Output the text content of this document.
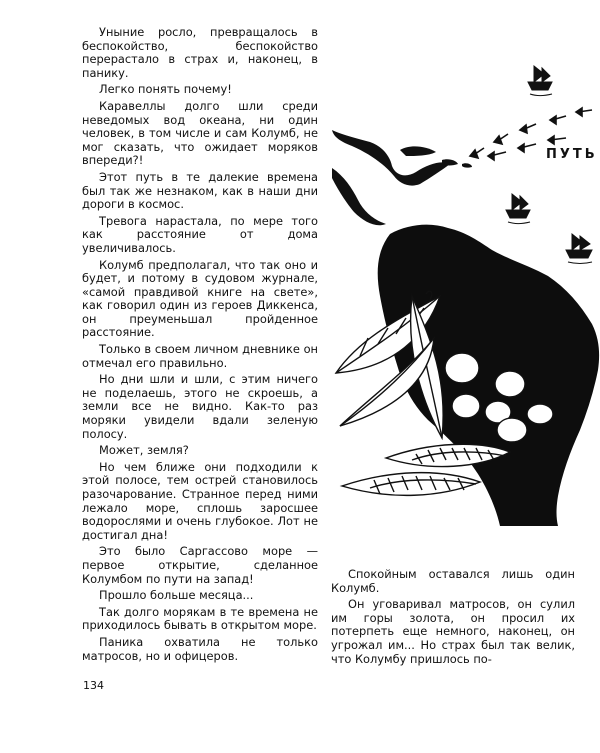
Уныние росло, превращалось в беспокойство, беспокойство перерастало в страх и, наконец, в панику.

Легко понять почему!

Каравеллы долго шли среди неведомых вод океана, ни один человек, в том числе и сам Колумб, не мог сказать, что ожидает моряков впереди?!

Этот путь в те далекие времена был так же незнаком, как в наши дни дороги в космос.

Тревога нарастала, по мере того как расстояние от дома увеличивалось.

Колумб предполагал, что так оно и будет, и потому в судовом журнале, «самой правдивой книге на свете», как говорил один из героев Диккенса, он преуменьшал пройденное расстояние.

Только в своем личном дневнике он отмечал его правильно.

Но дни шли и шли, с этим ничего не поделаешь, этого не скроешь, а земли все не видно. Как-то раз моряки увидели вдали зеленую полосу.

Может, земля?

Но чем ближе они подходили к этой полосе, тем острей становилось разочарование. Странное перед ними лежало море, сплошь заросшее водорослями и очень глубокое. Лот не достигал дна!

Это было Саргассово море — первое открытие, сделанное Колумбом по пути на запад!

Прошло больше месяца...

Так долго морякам в те времена не приходилось бывать в открытом море.

Паника охватила не только матросов, но и офицеров.

ПУТЬ

Спокойным оставался лишь один Колумб.

Он уговаривал матросов, он сулил им горы золота, он просил их потерпеть еще немного, наконец, он угрожал им... Но страх был так велик, что Колумбу пришлось по-

134
